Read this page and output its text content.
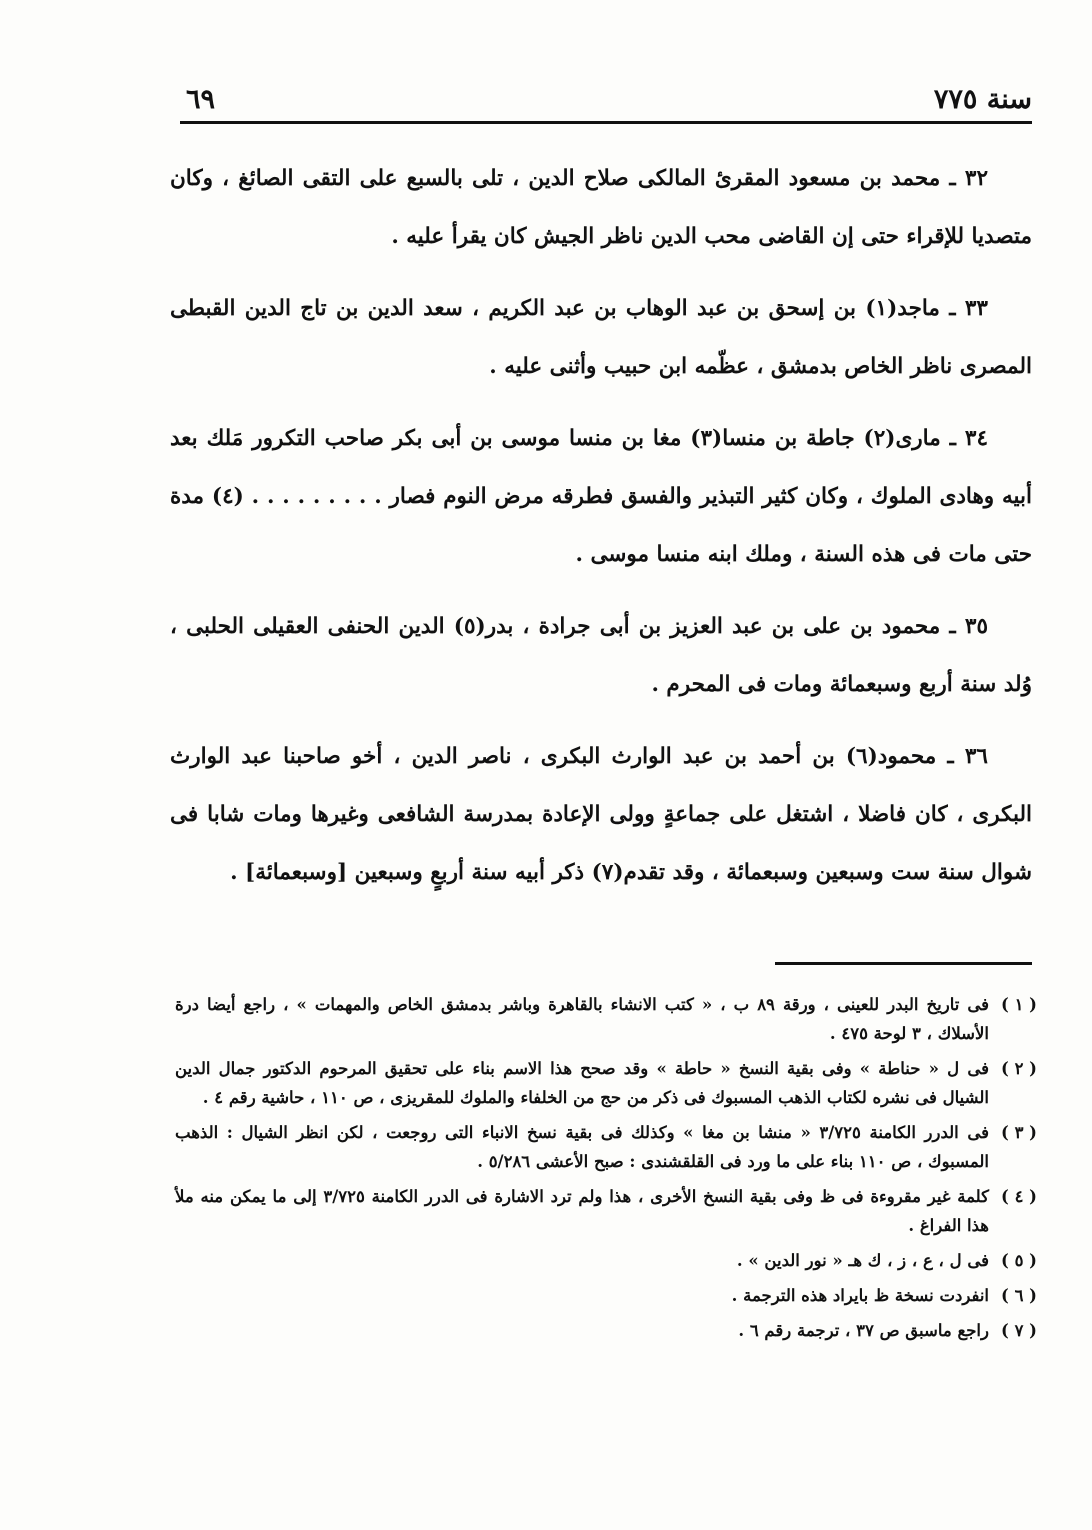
سنة ٧٧٥
٦٩

٣٢ ـ محمد بن مسعود المقرئ المالكى صلاح الدين ، تلى بالسبع على التقى الصائغ ، وكان متصديا للإقراء حتى إن القاضى محب الدين ناظر الجيش كان يقرأ عليه .

٣٣ ـ ماجد(١) بن إسحق بن عبد الوهاب بن عبد الكريم ، سعد الدين بن تاج الدين القبطى المصرى ناظر الخاص بدمشق ، عظّمه ابن حبيب وأثنى عليه .

٣٤ ـ مارى(٢) جاطة بن منسا(٣) مغا بن منسا موسى بن أبى بكر صاحب التكرور مَلك بعد أبيه وهادى الملوك ، وكان كثير التبذير والفسق فطرقه مرض النوم فصار . . . . . . . . . (٤) مدة حتى مات فى هذه السنة ، وملك ابنه منسا موسى .

٣٥ ـ محمود بن على بن عبد العزيز بن أبى جرادة ، بدر(٥) الدين الحنفى العقيلى الحلبى ، وُلد سنة أربع وسبعمائة ومات فى المحرم .

٣٦ ـ محمود(٦) بن أحمد بن عبد الوارث البكرى ، ناصر الدين ، أخو صاحبنا عبد الوارث البكرى ، كان فاضلا ، اشتغل على جماعةٍ وولى الإعادة بمدرسة الشافعى وغيرها ومات شابا فى شوال سنة ست وسبعين وسبعمائة ، وقد تقدم(٧) ذكر أبيه سنة أربعٍ وسبعين [وسبعمائة] .

( ١ )
فى تاريخ البدر للعينى ، ورقة ٨٩ ب ، « كتب الانشاء بالقاهرة وباشر بدمشق الخاص والمهمات » ، راجع أيضا درة الأسلاك ، ٣ لوحة ٤٧٥ .
( ٢ )
فى ل « حناطة » وفى بقية النسخ « حاطة » وقد صحح هذا الاسم بناء على تحقيق المرحوم الدكتور جمال الدين الشيال فى نشره لكتاب الذهب المسبوك فى ذكر من حج من الخلفاء والملوك للمقريزى ، ص ١١٠ ، حاشية رقم ٤ .
( ٣ )
فى الدرر الكامنة ٣/٧٢٥ « منشا بن مغا » وكذلك فى بقية نسخ الانباء التى روجعت ، لكن انظر الشيال : الذهب المسبوك ، ص ١١٠ بناء على ما ورد فى القلقشندى : صبح الأعشى ٥/٢٨٦ .
( ٤ )
كلمة غير مقروءة فى ظ وفى بقية النسخ الأخرى ، هذا ولم ترد الاشارة فى الدرر الكامنة ٣/٧٢٥ إلى ما يمكن منه ملأ هذا الفراغ .
( ٥ )
فى ل ، ع ، ز ، ك هـ « نور الدين » .
( ٦ )
انفردت نسخة ظ بايراد هذه الترجمة .
( ٧ )
راجع ماسبق ص ٣٧ ، ترجمة رقم ٦ .
